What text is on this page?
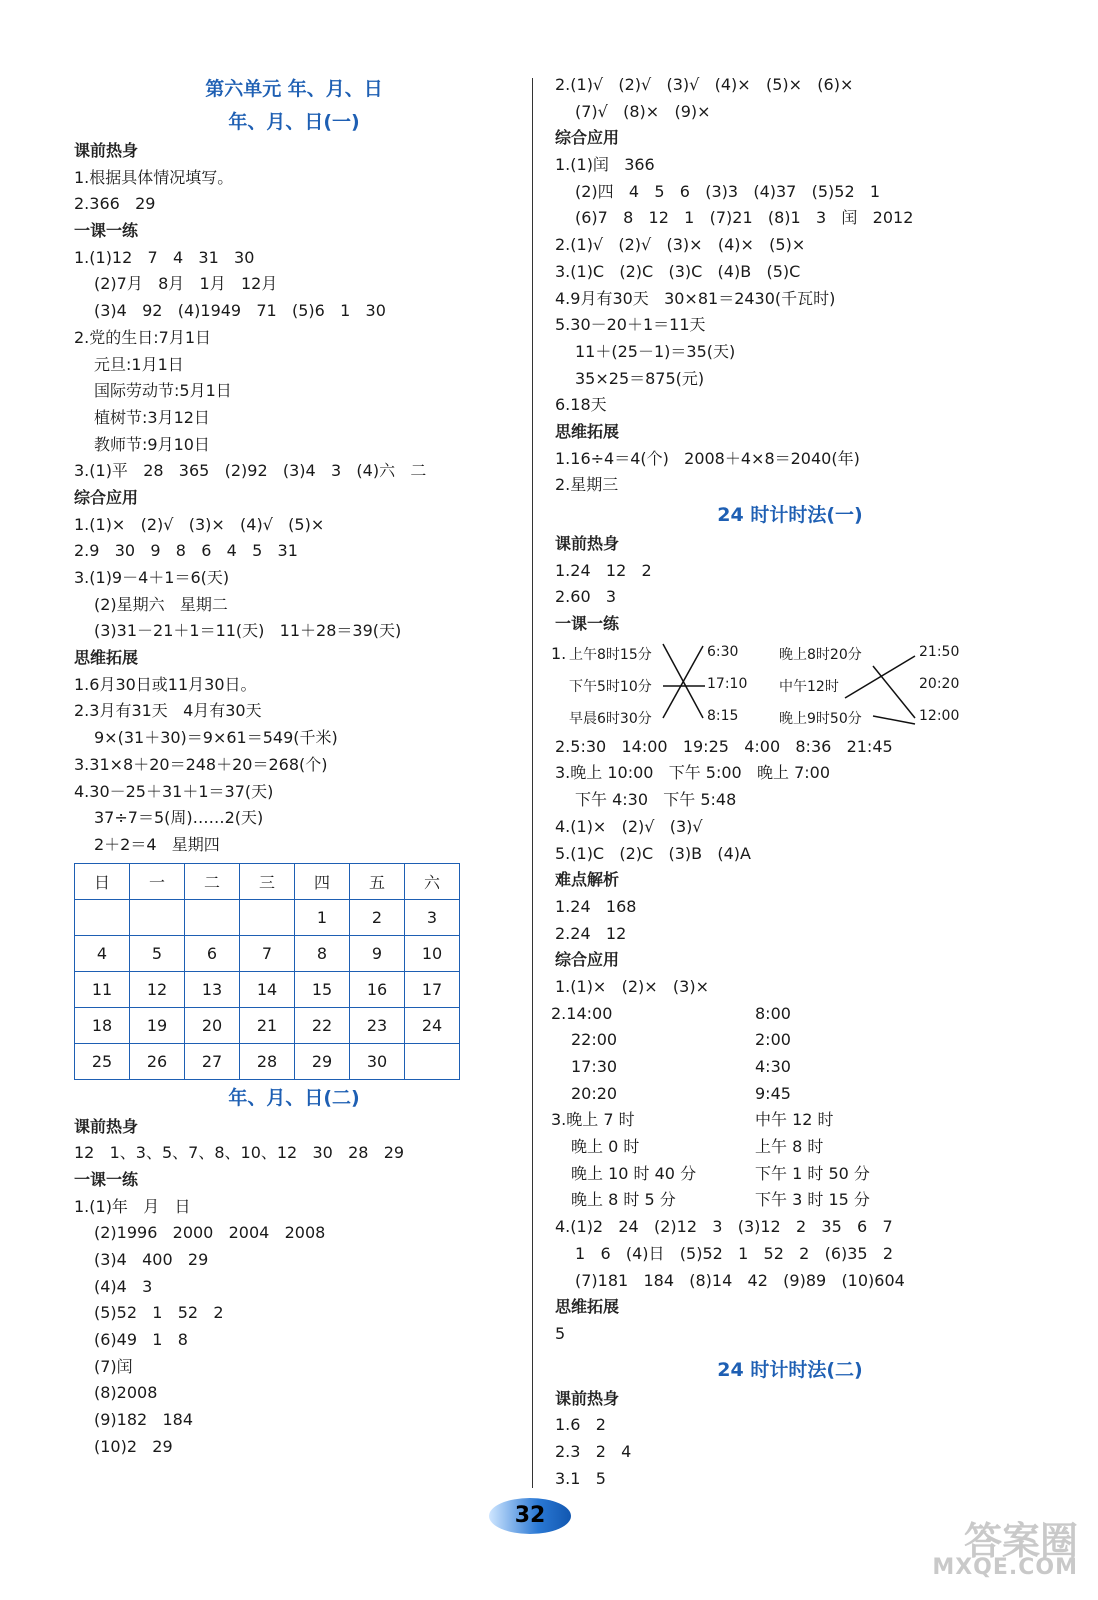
第六单元 年、月、日
年、月、日(一)
课前热身
1.根据具体情况填写。
2.366   29
一课一练
1.(1)12   7   4   31   30
(2)7月   8月   1月   12月
(3)4   92   (4)1949   71   (5)6   1   30
2.党的生日:7月1日
元旦:1月1日
国际劳动节:5月1日
植树节:3月12日
教师节:9月10日
3.(1)平   28   365   (2)92   (3)4   3   (4)六   二
综合应用
1.(1)×   (2)√   (3)×   (4)√   (5)×
2.9   30   9   8   6   4   5   31
3.(1)9－4＋1＝6(天)
(2)星期六   星期二
(3)31－21＋1＝11(天)   11＋28＝39(天)
思维拓展
1.6月30日或11月30日。
2.3月有31天   4月有30天
9×(31＋30)＝9×61＝549(千米)
3.31×8＋20＝248＋20＝268(个)
4.30－25＋31＋1＝37(天)
37÷7＝5(周)……2(天)
2＋2＝4   星期四
日	一	二	三	四	五	六
				1	2	3
4	5	6	7	8	9	10
11	12	13	14	15	16	17
18	19	20	21	22	23	24
25	26	27	28	29	30	
年、月、日(二)
课前热身
12   1、3、5、7、8、10、12   30   28   29
一课一练
1.(1)年   月   日
(2)1996   2000   2004   2008
(3)4   400   29
(4)4   3
(5)52   1   52   2
(6)49   1   8
(7)闰
(8)2008
(9)182   184
(10)2   29
2.(1)√   (2)√   (3)√   (4)×   (5)×   (6)×
(7)√   (8)×   (9)×
综合应用
1.(1)闰   366
(2)四   4   5   6   (3)3   (4)37   (5)52   1
(6)7   8   12   1   (7)21   (8)1   3   闰   2012
2.(1)√   (2)√   (3)×   (4)×   (5)×
3.(1)C   (2)C   (3)C   (4)B   (5)C
4.9月有30天   30×81＝2430(千瓦时)
5.30－20＋1＝11天
11＋(25－1)＝35(天)
35×25＝875(元)
6.18天
思维拓展
1.16÷4＝4(个)   2008＋4×8＝2040(年)
2.星期三
24 时计时法(一)
课前热身
1.24   12   2
2.60   3
一课一练
1. 上午8时15分
下午5时10分
早晨6时30分
6:30
17:10
8:15
晚上8时20分
中午12时
晚上9时50分
21:50
20:20
12:00
2.5:30   14:00   19:25   4:00   8:36   21:45
3.晚上 10:00   下午 5:00   晚上 7:00
下午 4:30   下午 5:48
4.(1)×   (2)√   (3)√
5.(1)C   (2)C   (3)B   (4)A
难点解析
1.24   168
2.24   12
综合应用
1.(1)×   (2)×   (3)×
2.14:00	8:00
22:00	2:00
17:30	4:30
20:20	9:45
3.晚上 7 时	中午 12 时
晚上 0 时	上午 8 时
晚上 10 时 40 分	下午 1 时 50 分
晚上 8 时 5 分	下午 3 时 15 分
4.(1)2   24   (2)12   3   (3)12   2   35   6   7
1   6   (4)日   (5)52   1   52   2   (6)35   2
(7)181   184   (8)14   42   (9)89   (10)604
思维拓展
5
24 时计时法(二)
课前热身
1.6   2
2.3   2   4
3.1   5
32
答案圈
MXQE.COM
